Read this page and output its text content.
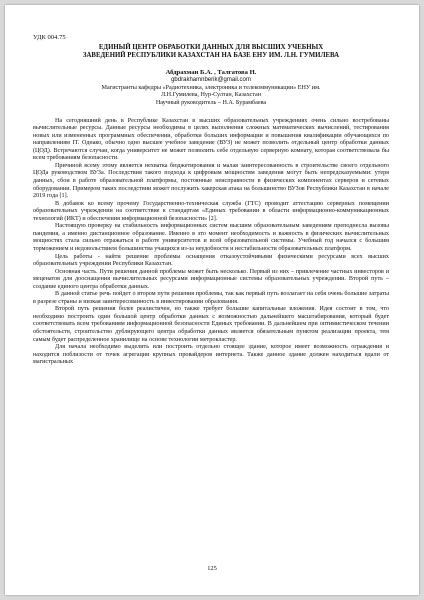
УДК 004.75
ЕДИНЫЙ ЦЕНТР ОБРАБОТКИ ДАННЫХ ДЛЯ ВЫСШИХ УЧЕБНЫХ
ЗАВЕДЕНИЙ РЕСПУБЛИКИ КАЗАХСТАН НА БАЗЕ ЕНУ ИМ. Л.Н. ГУМИЛЕВА
Абдрахман Б.А. , Талгатова Н.
gbdrakhamnberik@gmail.com
Магистранты кафедры «Радиотехника, электроника и телекоммуникации» ЕНУ им.
Л.Н.Гумилева, Нур-Султан, Казахстан
Научный руководитель – Н.А. Бурамбаева

На сегодняшний день в Республике Казахстан в высших образовательных учреждениях очень сильно востребованы вычислительные ресурсы. Данные ресурсы необходимы в целях выполнения сложных математических вычислений, тестирования новых или измененных программных обеспечении, обработки больших информации и повышения квалификации обучающихся по направлениям IT. Однако, обычно одно высшее учебное заведение (ВУЗ) не может позволить отдельный центр обработки данных (ЦОД). Встречаются случаи, когда университет не может позволить себе отдельную серверную комнату, которая соответствовала бы всем требованиям безопасности.

Причиной всему этому является нехватка бюджетирования и малая заинтересованность в строительстве своего отдельного ЦОДа руководством ВУЗа. Последствия такого подхода к цифровым мощностям заведения могут быть непредсказуемыми: утеря данных, сбои в работе образовательной платформы, постоянные неисправности в физических компонентах серверов и сетевых оборудовании. Примером таких последствии может послужить хакерская атака на большинство ВУЗов Республики Казахстан в начале 2019 года [1].

В добавок ко всему прочему Государственно-техническая служба (ГТС) проводит аттестацию серверных помещении образовательных учреждении на соответствие к стандартам «Единых требовании в области информационно-коммуникационных технологий (ИКТ) и обеспечения информационной безопасности» [2].

Настоящую проверку на стабильность информационных систем высшим образовательным заведениям преподнесла вызовы пандемия, а именно дистанционное образование. Именно в это момент необходимость и важность в физических вычислительных мощностях стала сильно отражаться в работе университетов и всей образовательной системы. Учебный год начался с большим торможением и недовольствием большинства учащихся из-за неудобности и нестабильности образовательных платформ.

Цель работы - найти решение проблемы оснащения отказоустойчивыми физическими ресурсами всех высших образовательных учреждении Республики Казахстан.

Основная часть. Пути решения данной проблемы может быть несколько. Первый из них – привлечение частных инвесторов и меценатов для дооснащения вычислительных ресурсами информационные системы образовательных учреждении. Второй путь – создание единого центра обработки данных.

В данной статье речь пойдет о втором пути решения проблемы, так как первый путь возлагает на себя очень большие затраты в разрезе страны и низкая заинтересованность в инвестировании образования.

Второй путь решения более реалистичен, но также требует большие капитальные вложения. Идея состоит в том, что необходимо построить один большой центр обработки данных с возможностью дальнейшего масштабирования, который будет соответствовать всем требованиям информационной безопасности Единых требовании. В дальнейшем при оптимистическом течении обстоятельств, строительство дублирующего центра обработки данных является обязательным пунктом реализации проекта, тем самым будет распределенное хранилище на основе технологии метрокластер.

Для начала необходимо выделить или построить отдельно стоящее здание, которое имеет возможность ограждения и находится поблизости от точек агрегации крупных провайдеров интернета. Также данное здание должен находиться вдали от магистральных

125
